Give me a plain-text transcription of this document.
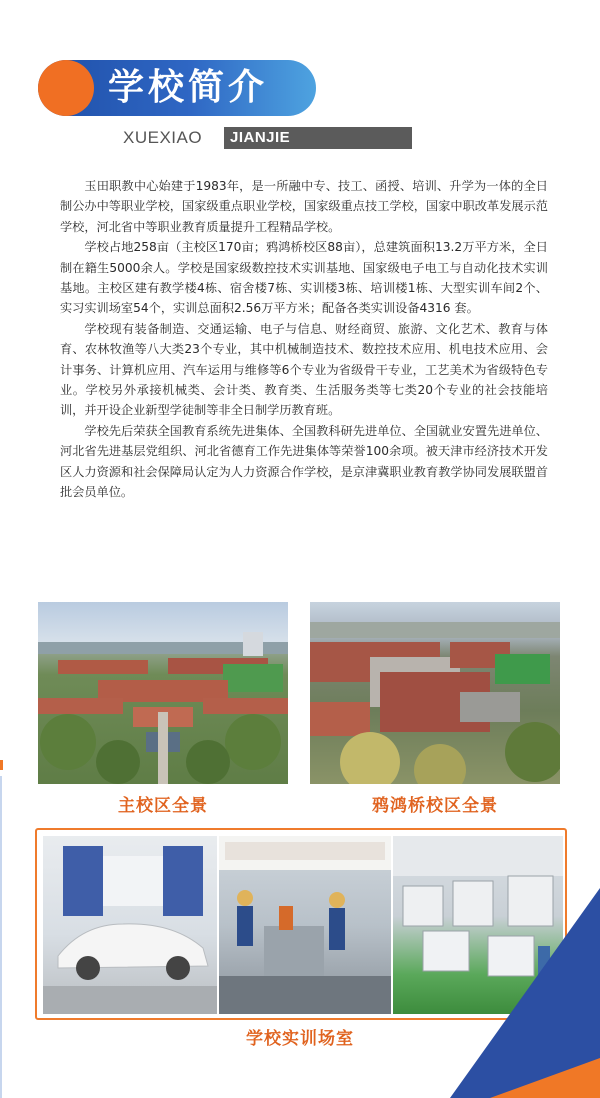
学校简介
XUEXIAO	JIANJIE

玉田职教中心始建于1983年，是一所融中专、技工、函授、培训、升学为一体的全日制公办中等职业学校，国家级重点职业学校，国家级重点技工学校，国家中职改革发展示范学校，河北省中等职业教育质量提升工程精品学校。

学校占地258亩（主校区170亩；鸦鸿桥校区88亩），总建筑面积13.2万平方米，全日制在籍生5000余人。学校是国家级数控技术实训基地、国家级电子电工与自动化技术实训基地。主校区建有教学楼4栋、宿舍楼7栋、实训楼3栋、培训楼1栋、大型实训车间2个、实习实训场室54个，实训总面积2.56万平方米；配备各类实训设备4316 套。

学校现有装备制造、交通运输、电子与信息、财经商贸、旅游、文化艺术、教育与体育、农林牧渔等八大类23个专业，其中机械制造技术、数控技术应用、机电技术应用、会计事务、计算机应用、汽车运用与维修等6个专业为省级骨干专业，工艺美术为省级特色专业。学校另外承接机械类、会计类、教育类、生活服务类等七类20个专业的社会技能培训，并开设企业新型学徒制等非全日制学历教育班。

学校先后荣获全国教育系统先进集体、全国教科研先进单位、全国就业安置先进单位、河北省先进基层党组织、河北省德育工作先进集体等荣誉100余项。被天津市经济技术开发区人力资源和社会保障局认定为人力资源合作学校，是京津冀职业教育教学协同发展联盟首批会员单位。

主校区全景	鸦鸿桥校区全景
学校实训场室
